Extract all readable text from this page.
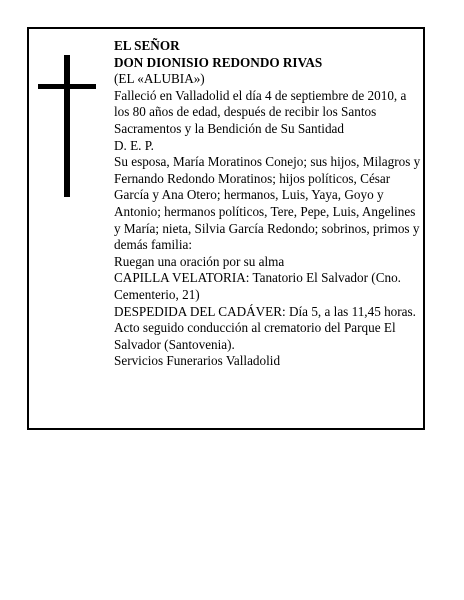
EL SEÑOR
DON DIONISIO REDONDO RIVAS
(EL «ALUBIA»)
Falleció en Valladolid el día 4 de septiembre de 2010, a los 80 años de edad, después de recibir los Santos Sacramentos y la Bendición de Su Santidad
D. E. P.
Su esposa, María Moratinos Conejo; sus hijos, Milagros y Fernando Redondo Moratinos; hijos políticos, César García y Ana Otero; hermanos, Luis, Yaya, Goyo y Antonio; hermanos políticos, Tere, Pepe, Luis, Angelines y María; nieta, Silvia García Redondo; sobrinos, primos y demás familia:
Ruegan una oración por su alma
CAPILLA VELATORIA: Tanatorio El Salvador (Cno. Cementerio, 21)
DESPEDIDA DEL CADÁVER: Día 5, a las 11,45 horas. Acto seguido conducción al crematorio del Parque El Salvador (Santovenia).
Servicios Funerarios Valladolid
